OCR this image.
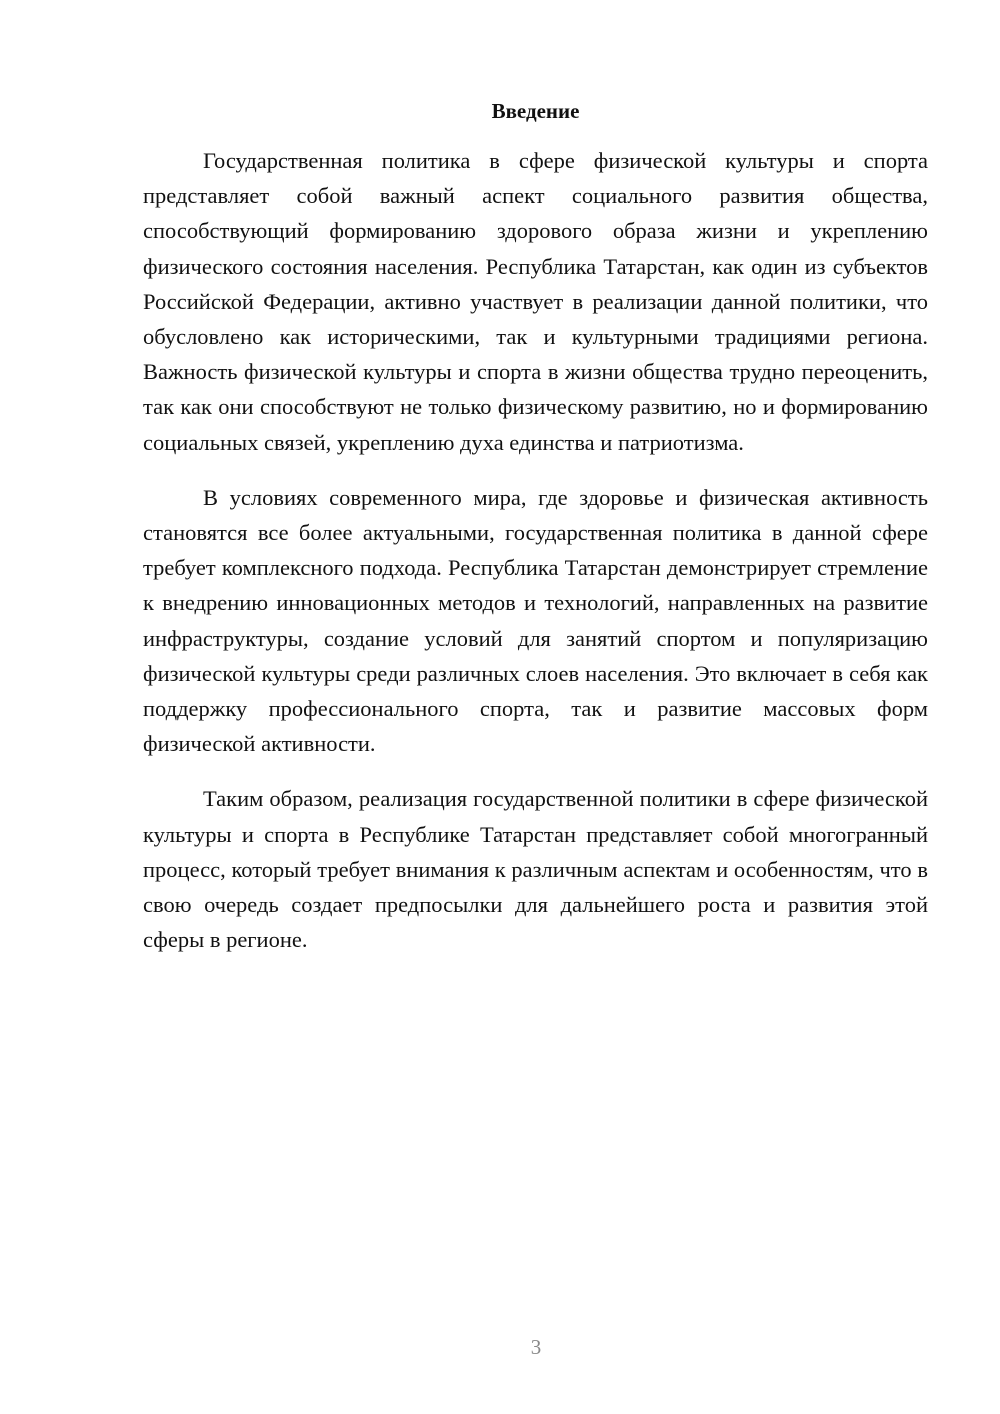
Введение

Государственная политика в сфере физической культуры и спорта представляет собой важный аспект социального развития общества, способствующий формированию здорового образа жизни и укреплению физического состояния населения. Республика Татарстан, как один из субъектов Российской Федерации, активно участвует в реализации данной политики, что обусловлено как историческими, так и культурными традициями региона. Важность физической культуры и спорта в жизни общества трудно переоценить, так как они способствуют не только физическому развитию, но и формированию социальных связей, укреплению духа единства и патриотизма.

В условиях современного мира, где здоровье и физическая активность становятся все более актуальными, государственная политика в данной сфере требует комплексного подхода. Республика Татарстан демонстрирует стремление к внедрению инновационных методов и технологий, направленных на развитие инфраструктуры, создание условий для занятий спортом и популяризацию физической культуры среди различных слоев населения. Это включает в себя как поддержку профессионального спорта, так и развитие массовых форм физической активности.

Таким образом, реализация государственной политики в сфере физической культуры и спорта в Республике Татарстан представляет собой многогранный процесс, который требует внимания к различным аспектам и особенностям, что в свою очередь создает предпосылки для дальнейшего роста и развития этой сферы в регионе.

3
